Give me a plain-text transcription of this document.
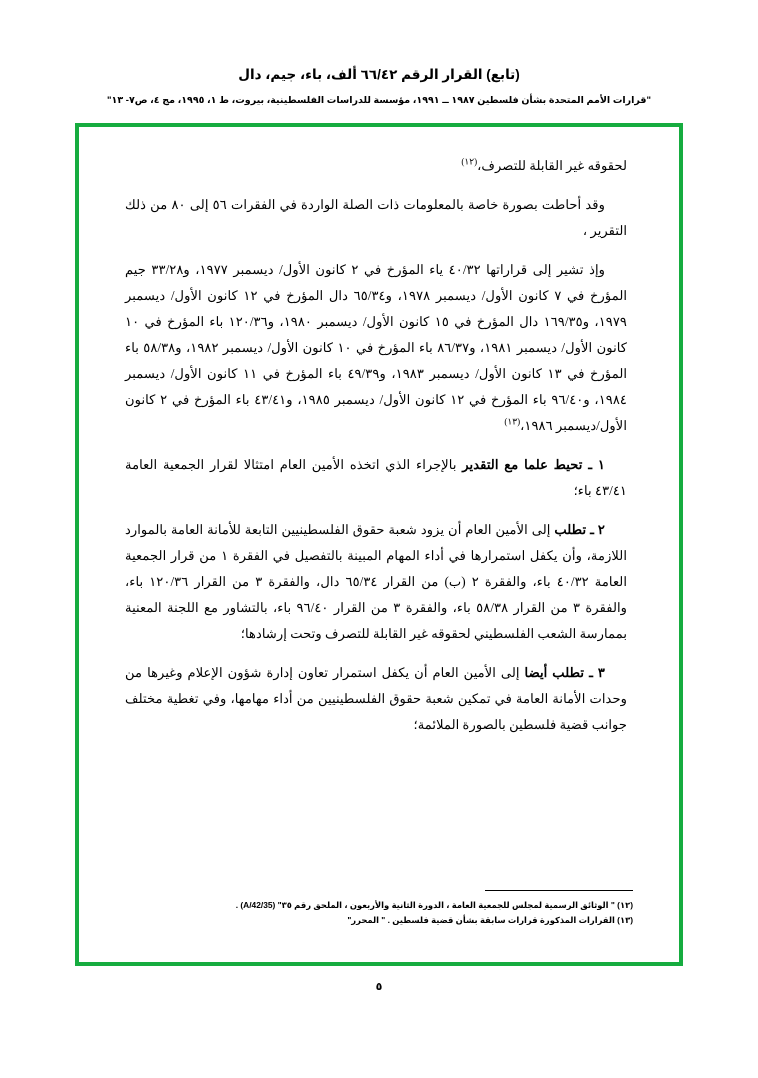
(تابع) القرار الرقم ٦٦/٤٢ ألف، باء، جيم، دال
"قرارات الأمم المتحدة بشأن فلسطين ١٩٨٧ ــ ١٩٩١، مؤسسة للدراسات الفلسطينية، بيروت، ط ١، ١٩٩٥، مج ٤، ص٧- ١٣"

لحقوقه غير القابلة للتصرف،$^{(١٢)}$

وقد أحاطت بصورة خاصة بالمعلومات ذات الصلة الواردة في الفقرات ٥٦ إلى ٨٠ من ذلك التقرير ،

وإذ تشير إلى قراراتها ٤٠/٣٢ ياء المؤرخ في ٢ كانون الأول/ ديسمبر ١٩٧٧، و٣٣/٢٨ جيم المؤرخ في ٧ كانون الأول/ ديسمبر ١٩٧٨، و٦٥/٣٤ دال المؤرخ في ١٢ كانون الأول/ ديسمبر ١٩٧٩، و١٦٩/٣٥ دال المؤرخ في ١٥ كانون الأول/ ديسمبر ١٩٨٠، و١٢٠/٣٦ باء المؤرخ في ١٠ كانون الأول/ ديسمبر ١٩٨١، و٨٦/٣٧ باء المؤرخ في ١٠ كانون الأول/ ديسمبر ١٩٨٢، و٥٨/٣٨ باء المؤرخ في ١٣ كانون الأول/ ديسمبر ١٩٨٣، و٤٩/٣٩ باء المؤرخ في ١١ كانون الأول/ ديسمبر ١٩٨٤، و٩٦/٤٠ باء المؤرخ في ١٢ كانون الأول/ ديسمبر ١٩٨٥، و٤٣/٤١ باء المؤرخ في ٢ كانون الأول/ديسمبر ١٩٨٦،$^{(١٣)}$

١ ـ تحيط علما مع التقدير بالإجراء الذي اتخذه الأمين العام امتثالا لقرار الجمعية العامة ٤٣/٤١ باء؛

٢ ـ تطلب إلى الأمين العام أن يزود شعبة حقوق الفلسطينيين التابعة للأمانة العامة بالموارد اللازمة، وأن يكفل استمرارها في أداء المهام المبينة بالتفصيل في الفقرة ١ من قرار الجمعية العامة ٤٠/٣٢ باء، والفقرة ٢ (ب) من القرار ٦٥/٣٤ دال، والفقرة ٣ من القرار ١٢٠/٣٦ باء، والفقرة ٣ من القرار ٥٨/٣٨ باء، والفقرة ٣ من القرار ٩٦/٤٠ باء، بالتشاور مع اللجنة المعنية بممارسة الشعب الفلسطيني لحقوقه غير القابلة للتصرف وتحت إرشادها؛

٣ ـ تطلب أيضا إلى الأمين العام أن يكفل استمرار تعاون إدارة شؤون الإعلام وغيرها من وحدات الأمانة العامة في تمكين شعبة حقوق الفلسطينيين من أداء مهامها، وفي تغطية مختلف جوانب قضية فلسطين بالصورة الملائمة؛

(١٢) " الوثائق الرسمية لمجلس للجمعية العامة ، الدورة الثانية والأربعون ، الملحق رقم ٣٥" (A/42/35) .
(١٣) القرارات المذكورة قرارات سابقة بشأن قضية فلسطين . " المحرر"
٥
